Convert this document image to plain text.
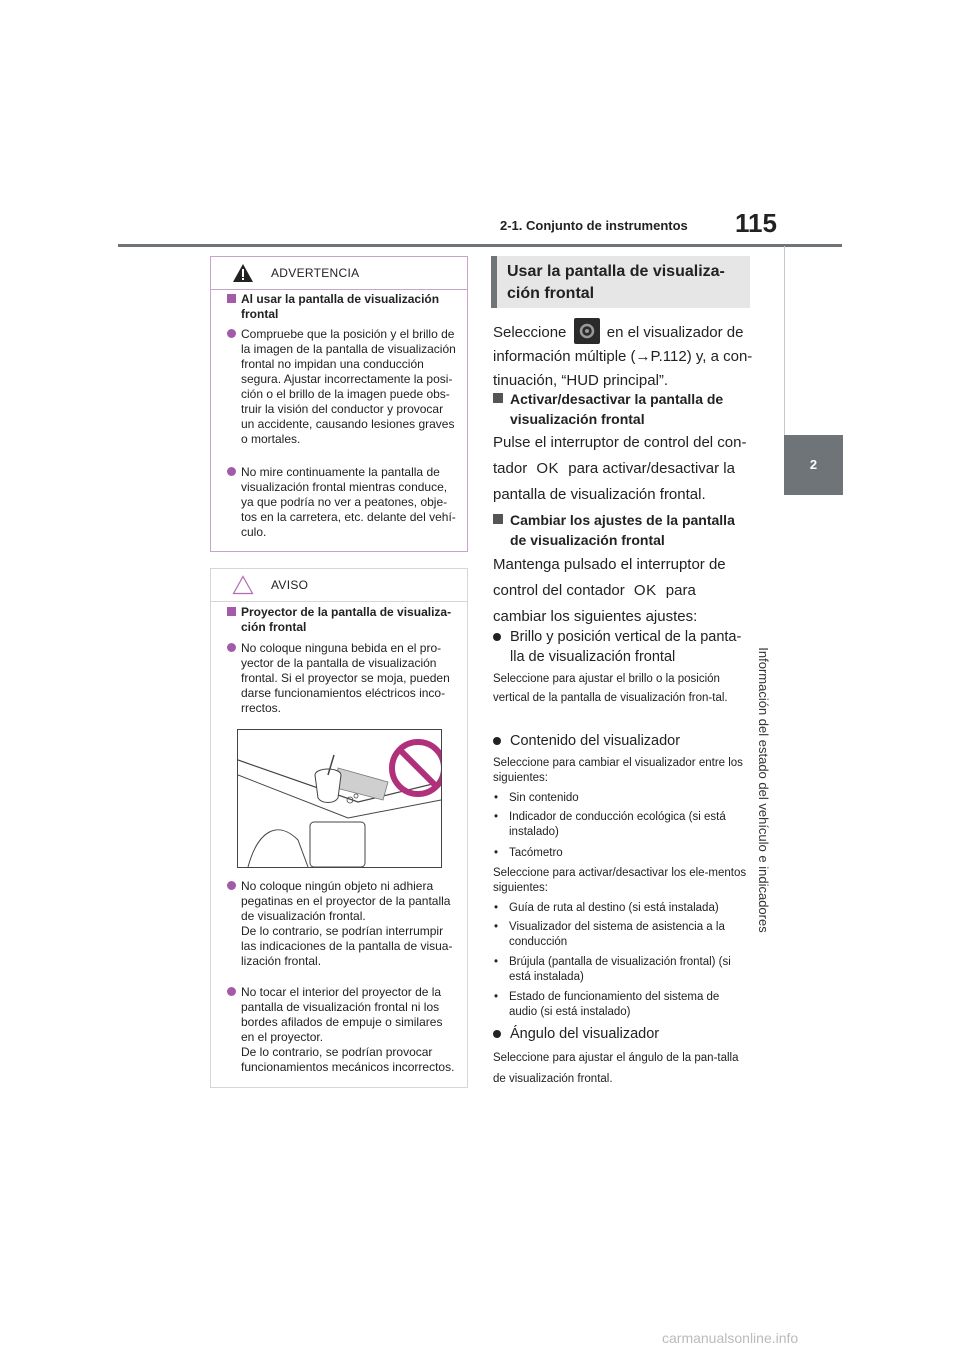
2-1. Conjunto de instrumentos 115
2
Información del estado del vehículo e indicadores
ADVERTENCIA
Al usar la pantalla de visualización frontal
Compruebe que la posición y el brillo de
la imagen de la pantalla de visualización
frontal no impidan una conducción
segura. Ajustar incorrectamente la posi-
ción o el brillo de la imagen puede obs-
truir la visión del conductor y provocar
un accidente, causando lesiones graves
o mortales.
No mire continuamente la pantalla de
visualización frontal mientras conduce,
ya que podría no ver a peatones, obje-
tos en la carretera, etc. delante del vehí-
culo.
AVISO
Proyector de la pantalla de visualiza-ción frontal
No coloque ninguna bebida en el pro-
yector de la pantalla de visualización
frontal. Si el proyector se moja, pueden
darse funcionamientos eléctricos inco-
rrectos.
No coloque ningún objeto ni adhiera
pegatinas en el proyector de la pantalla
de visualización frontal.
De lo contrario, se podrían interrumpir
las indicaciones de la pantalla de visua-
lización frontal.
No tocar el interior del proyector de la
pantalla de visualización frontal ni los
bordes afilados de empuje o similares
en el proyector.
De lo contrario, se podrían provocar
funcionamientos mecánicos incorrectos.
Usar la pantalla de visualiza-ción frontal
Seleccione	en el visualizador de información múltiple (→P.112) y, a con-tinuación, “HUD principal”.
Activar/desactivar la pantalla de visualización frontal
Pulse el interruptor de control del con-tador OK para activar/desactivar la pantalla de visualización frontal.
Cambiar los ajustes de la pantalla de visualización frontal
Mantenga pulsado el interruptor de control del contador OK para cambiar los siguientes ajustes:
Brillo y posición vertical de la panta-lla de visualización frontal
Seleccione para ajustar el brillo o la posición vertical de la pantalla de visualización fron-tal.
Contenido del visualizador
Seleccione para cambiar el visualizador entre los siguientes:
• Sin contenido
• Indicador de conducción ecológica (si está instalado)
• Tacómetro
Seleccione para activar/desactivar los ele-mentos siguientes:
• Guía de ruta al destino (si está instalada)
• Visualizador del sistema de asistencia a la conducción
• Brújula (pantalla de visualización frontal) (si está instalada)
• Estado de funcionamiento del sistema de audio (si está instalado)
Ángulo del visualizador
Seleccione para ajustar el ángulo de la pan-talla de visualización frontal.
carmanualsonline.info
